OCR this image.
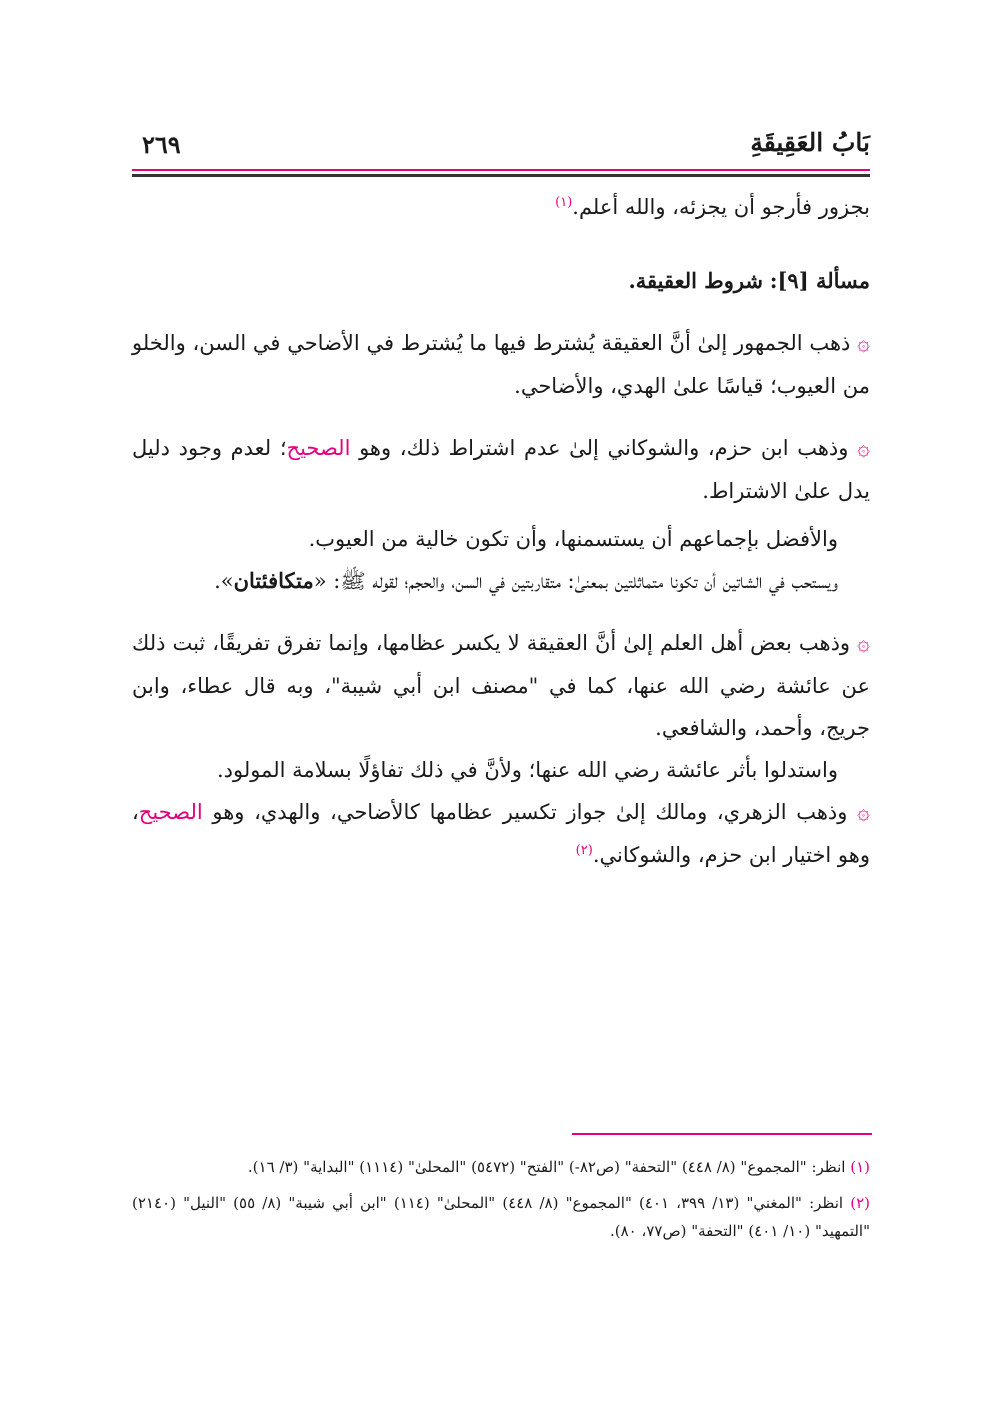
بَابُ العَقِيقَةِ
٢٦٩

بجزور فأرجو أن يجزئه، والله أعلم.$^{(١)}$

مسألة [٩]: شروط العقيقة.

۞ ذهب الجمهور إلىٰ أنَّ العقيقة يُشترط فيها ما يُشترط في الأضاحي في السن، والخلو من العيوب؛ قياسًا علىٰ الهدي، والأضاحي.

۞ وذهب ابن حزم، والشوكاني إلىٰ عدم اشتراط ذلك، وهو الصحيح؛ لعدم وجود دليل يدل علىٰ الاشتراط.

والأفضل بإجماعهم أن يستسمنها، وأن تكون خالية من العيوب.

ويستحب في الشاتين أن تكونا متماثلتين بمعنىٰ: متقاربتين في السن، والحجم؛ لقوله ﷺ: «متكافئتان».

۞ وذهب بعض أهل العلم إلىٰ أنَّ العقيقة لا يكسر عظامها، وإنما تفرق تفريقًا، ثبت ذلك عن عائشة رضي الله عنها، كما في "مصنف ابن أبي شيبة"، وبه قال عطاء، وابن جريج، وأحمد، والشافعي.

واستدلوا بأثر عائشة رضي الله عنها؛ ولأنَّ في ذلك تفاؤلًا بسلامة المولود.

۞ وذهب الزهري، ومالك إلىٰ جواز تكسير عظامها كالأضاحي، والهدي، وهو الصحيح، وهو اختيار ابن حزم، والشوكاني.$^{(٢)}$

(١) انظر: "المجموع" (٨/ ٤٤٨) "التحفة" (ص٨٢-) "الفتح" (٥٤٧٢) "المحلىٰ" (١١١٤) "البداية" (٣/ ١٦).

(٢) انظر: "المغني" (١٣/ ٣٩٩، ٤٠١) "المجموع" (٨/ ٤٤٨) "المحلىٰ" (١١٤) "ابن أبي شيبة" (٨/ ٥٥) "النيل" (٢١٤٠) "التمهيد" (١٠/ ٤٠١) "التحفة" (ص٧٧، ٨٠).
